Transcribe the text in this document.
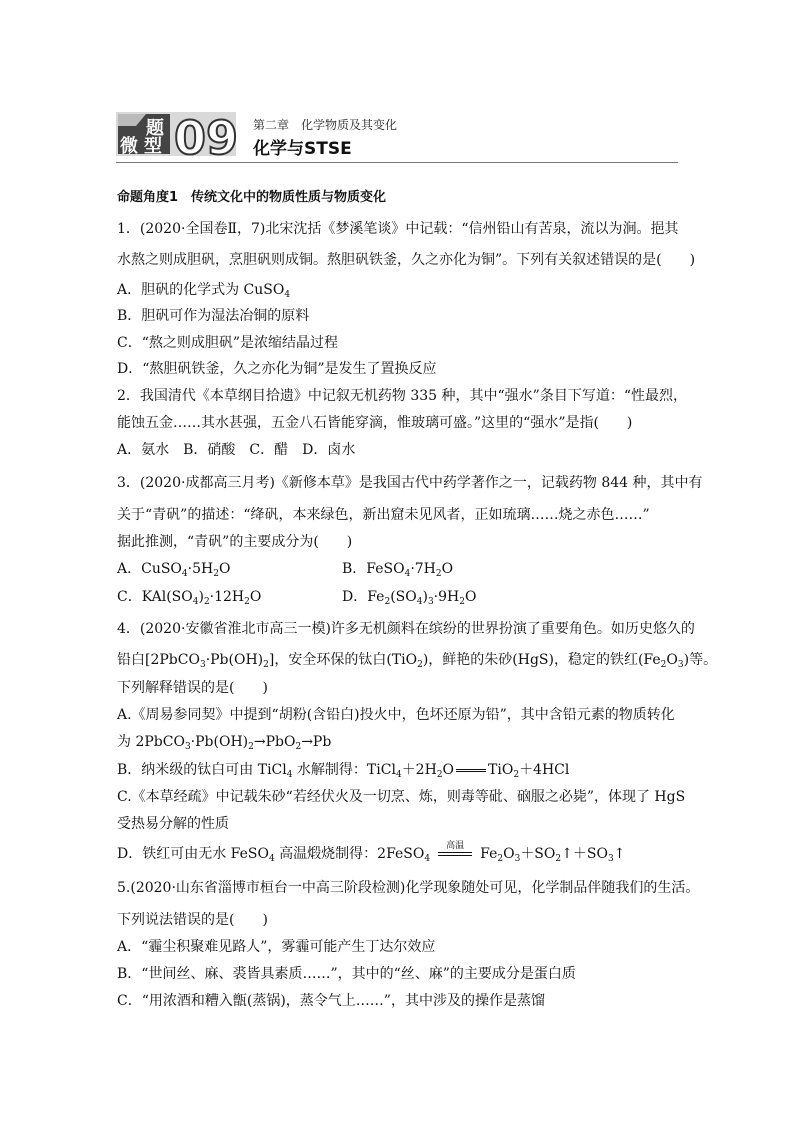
题
微 型 09 第二章　化学物质及其变化
化学与STSE
命题角度1　传统文化中的物质性质与物质变化
1．(2020·全国卷Ⅱ，7)北宋沈括《梦溪笔谈》中记载：“信州铅山有苦泉，流以为涧。挹其
水熬之则成胆矾，烹胆矾则成铜。熬胆矾铁釜，久之亦化为铜”。下列有关叙述错误的是(　　)
A．胆矾的化学式为 CuSO$_4$
B．胆矾可作为湿法冶铜的原料
C．“熬之则成胆矾”是浓缩结晶过程
D．“熬胆矾铁釜，久之亦化为铜”是发生了置换反应
2．我国清代《本草纲目拾遗》中记叙无机药物 335 种，其中“强水”条目下写道：“性最烈，
能蚀五金……其水甚强，五金八石皆能穿滴，惟玻璃可盛。”这里的“强水”是指(　　)
A．氨水　B．硝酸　C．醋　D．卤水
3．(2020·成都高三月考)《新修本草》是我国古代中药学著作之一，记载药物 844 种，其中有
关于“青矾”的描述：“绛矾，本来绿色，新出窟未见风者，正如琉璃……烧之赤色……”
据此推测，“青矾”的主要成分为(　　)
A．$CuSO_4\cdot 5H_2O$	B．$FeSO_4\cdot 7H_2O$
C．$KAl(SO_4)_2\cdot 12H_2O$	D．$Fe_2(SO_4)_3\cdot 9H_2O$
4．(2020·安徽省淮北市高三一模)许多无机颜料在缤纷的世界扮演了重要角色。如历史悠久的
铅白$[2PbCO_3\cdot Pb(OH)_2]$，安全环保的钛白(TiO$_2$)，鲜艳的朱砂(HgS)，稳定的铁红$(Fe_2O_3)$等。
下列解释错误的是(　　)
A.《周易参同契》中提到“胡粉(含铅白)投火中，色坏还原为铅”，其中含铅元素的物质转化
为 $2PbCO_3\cdot Pb(OH)_2\to PbO_2\to Pb$
B．纳米级的钛白可由 TiCl$_4$ 水解制得：$TiCl_4+2H_2O$ TiO$_2$＋4HCl
C.《本草经疏》中记载朱砂“若经伏火及一切烹、炼，则毒等砒、硇服之必毙”，体现了 HgS
受热易分解的性质
D．铁红可由无水 FeSO$_4$ 高温煅烧制得：2FeSO$_4$
高温	$Fe_2O_3+SO_2↑+SO_3↑$
5.(2020·山东省淄博市桓台一中高三阶段检测)化学现象随处可见，化学制品伴随我们的生活。
下列说法错误的是(　　)
A．“霾尘积聚难见路人”，雾霾可能产生丁达尔效应
B．“世间丝、麻、裘皆具素质……”，其中的“丝、麻”的主要成分是蛋白质
C．“用浓酒和糟入甑(蒸锅)，蒸令气上……”，其中涉及的操作是蒸馏
